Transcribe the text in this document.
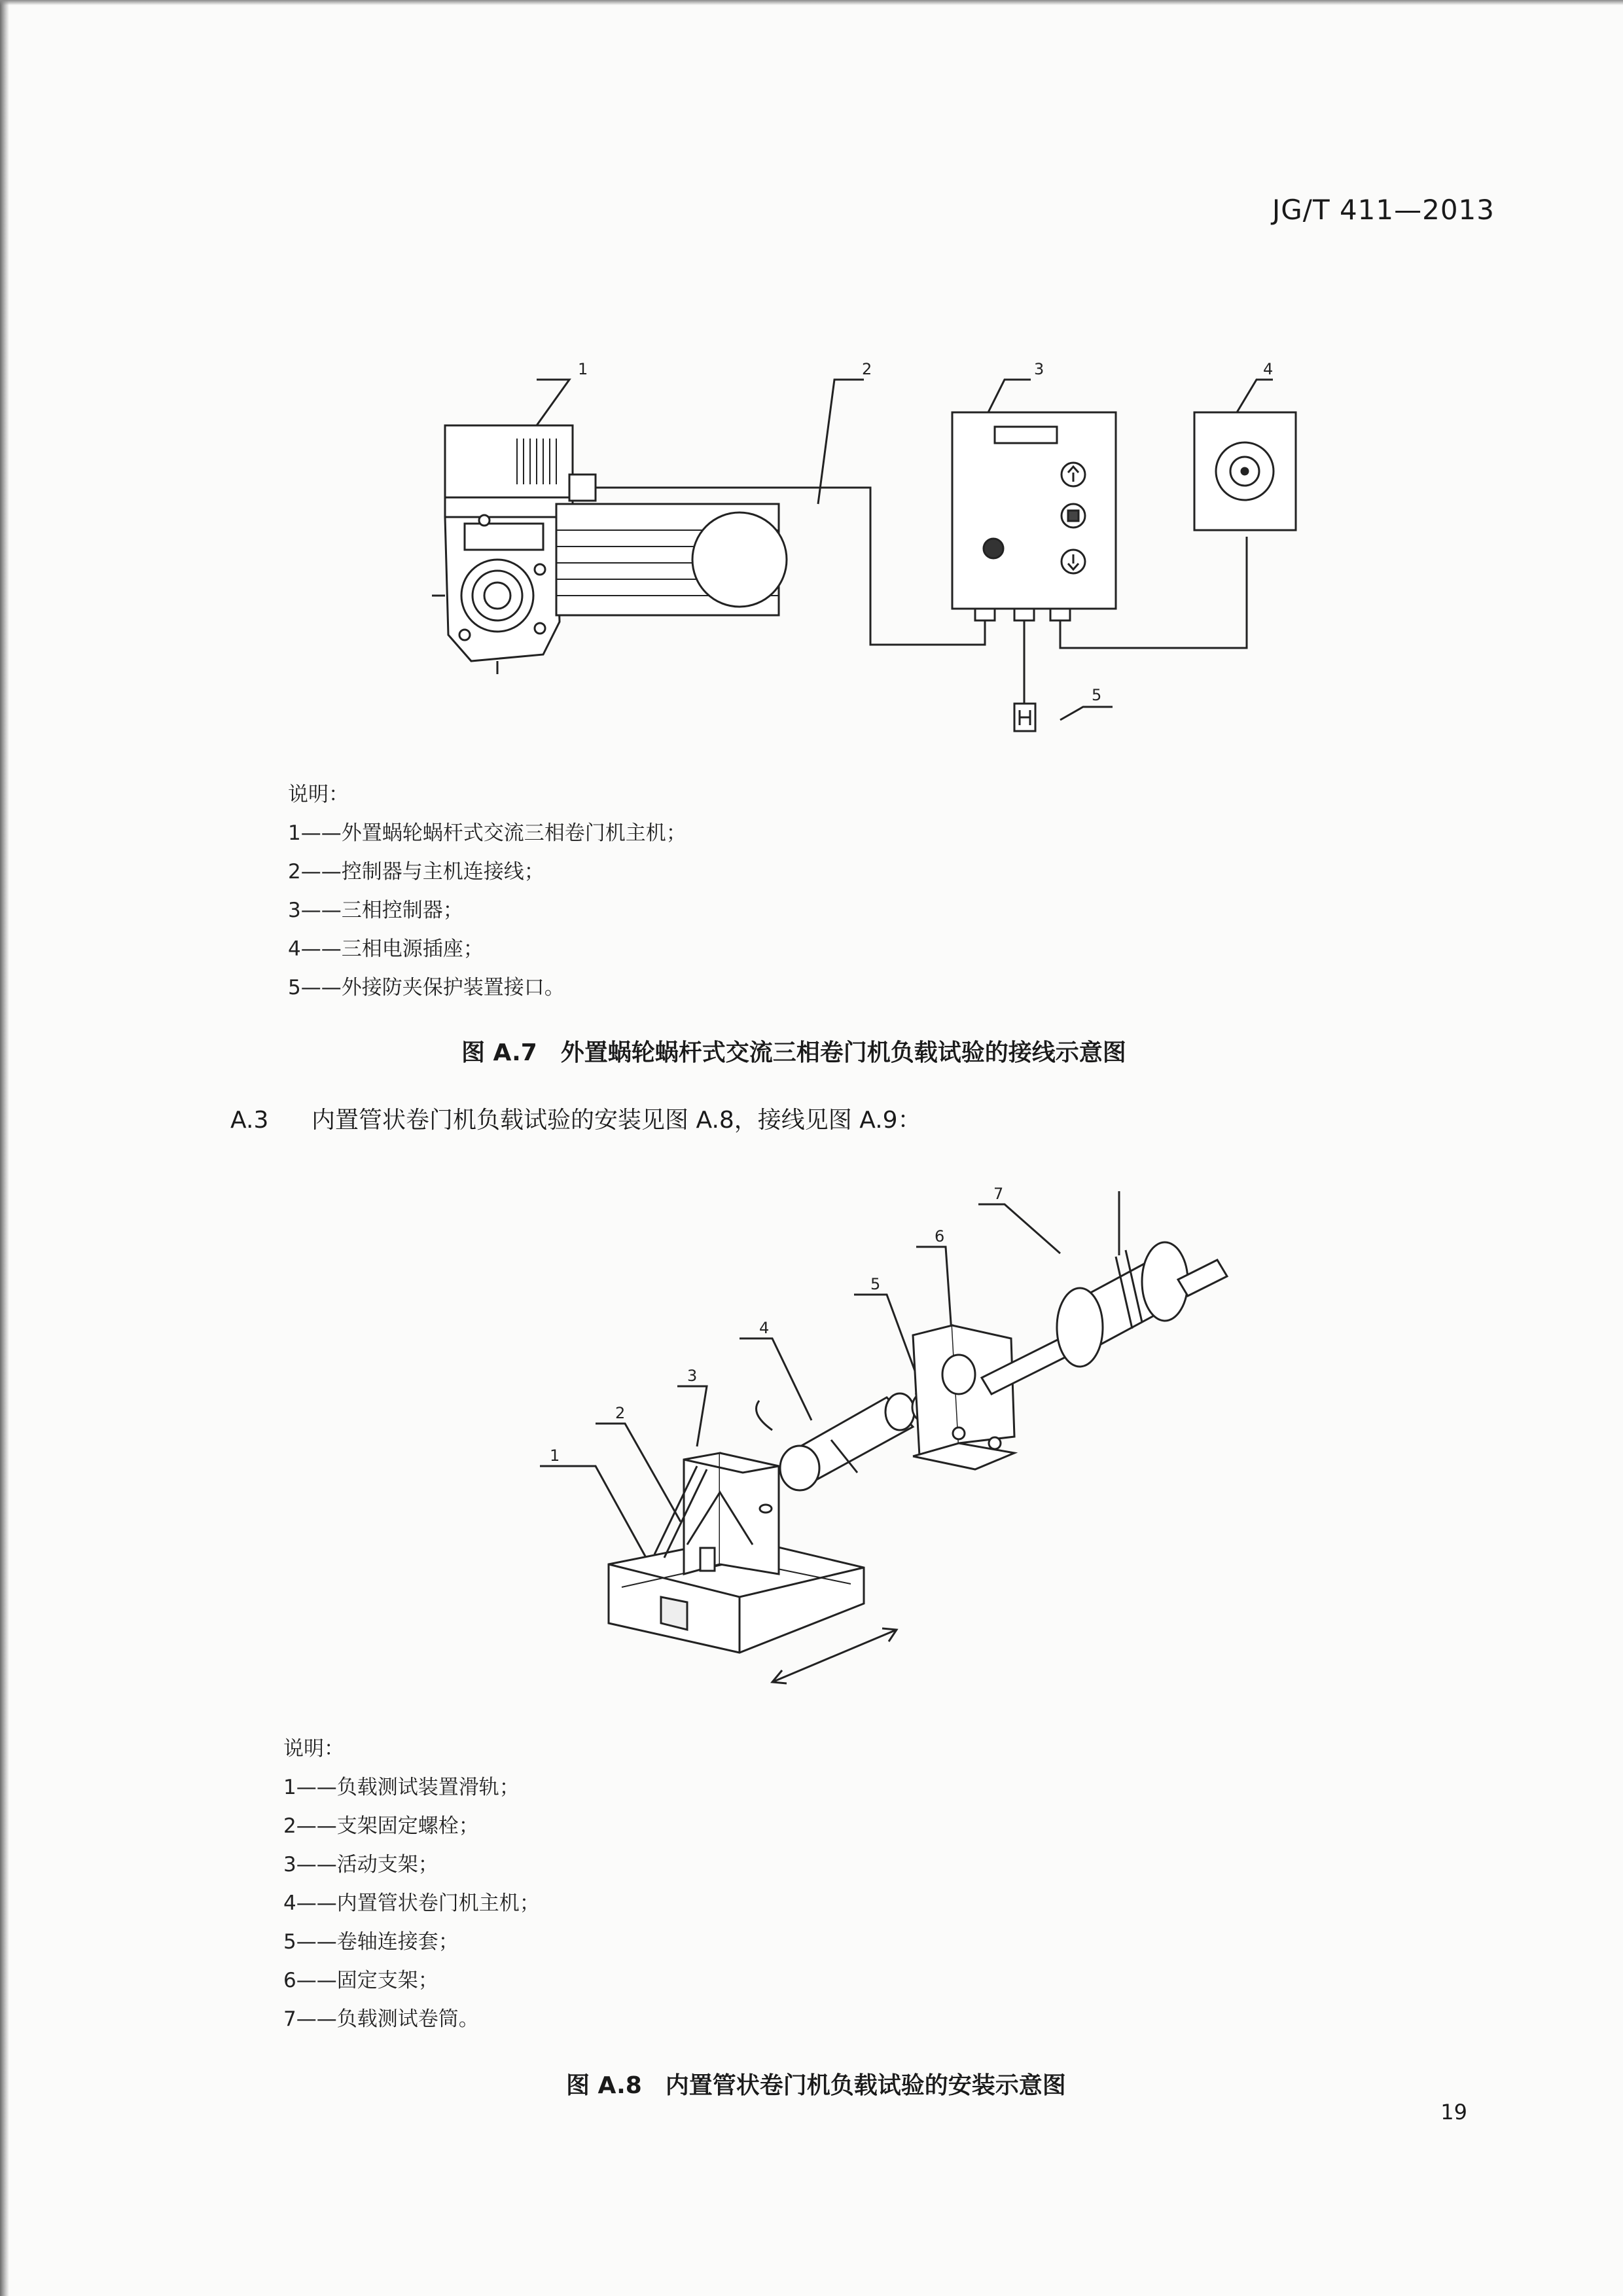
JG/T 411—2013
1	2	3	4
5
说明：
1——外置蜗轮蜗杆式交流三相卷门机主机；
2——控制器与主机连接线；
3——三相控制器；
4——三相电源插座；
5——外接防夹保护装置接口。
图 A.7 外置蜗轮蜗杆式交流三相卷门机负载试验的接线示意图
A.3 内置管状卷门机负载试验的安装见图 A.8，接线见图 A.9：
1
2
3
4
5
6
7
说明：
1——负载测试装置滑轨；
2——支架固定螺栓；
3——活动支架；
4——内置管状卷门机主机；
5——卷轴连接套；
6——固定支架；
7——负载测试卷筒。
图 A.8 内置管状卷门机负载试验的安装示意图
19
